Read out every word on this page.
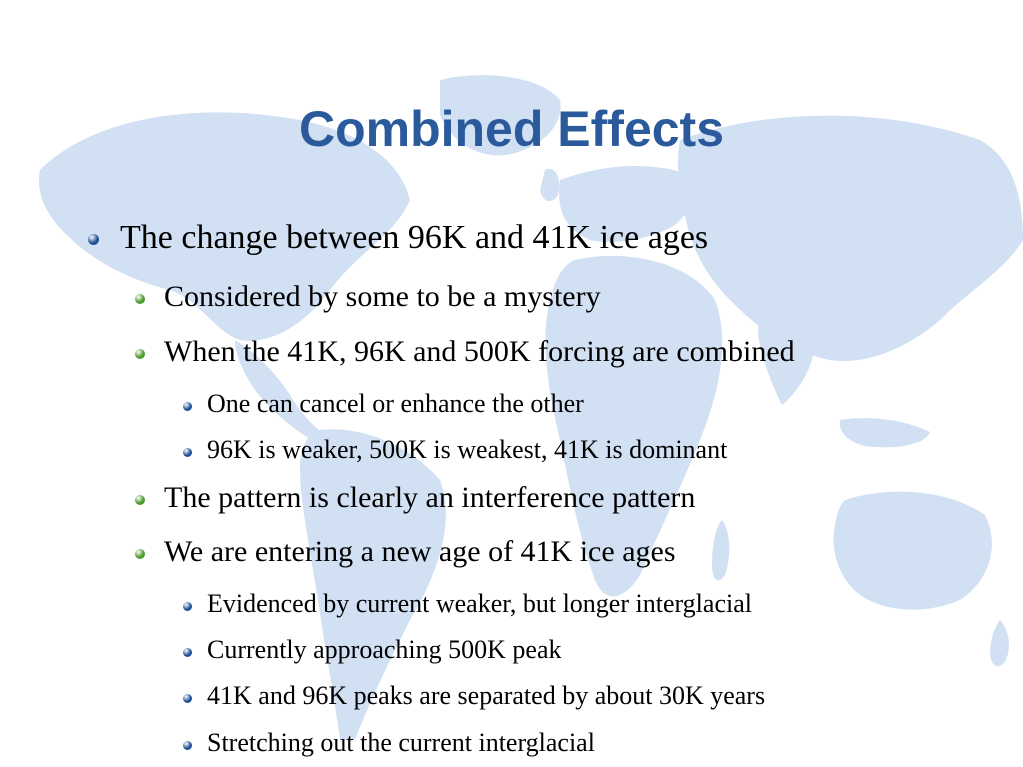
Combined Effects
The change between 96K and 41K ice ages
Considered by some to be a mystery
When the 41K, 96K and 500K forcing are combined
One can cancel or enhance the other
96K is weaker, 500K is weakest, 41K is dominant
The pattern is clearly an interference pattern
We are entering a new age of 41K ice ages
Evidenced by current weaker, but longer interglacial
Currently approaching 500K peak
41K and 96K peaks are separated by about 30K years
Stretching out the current interglacial
